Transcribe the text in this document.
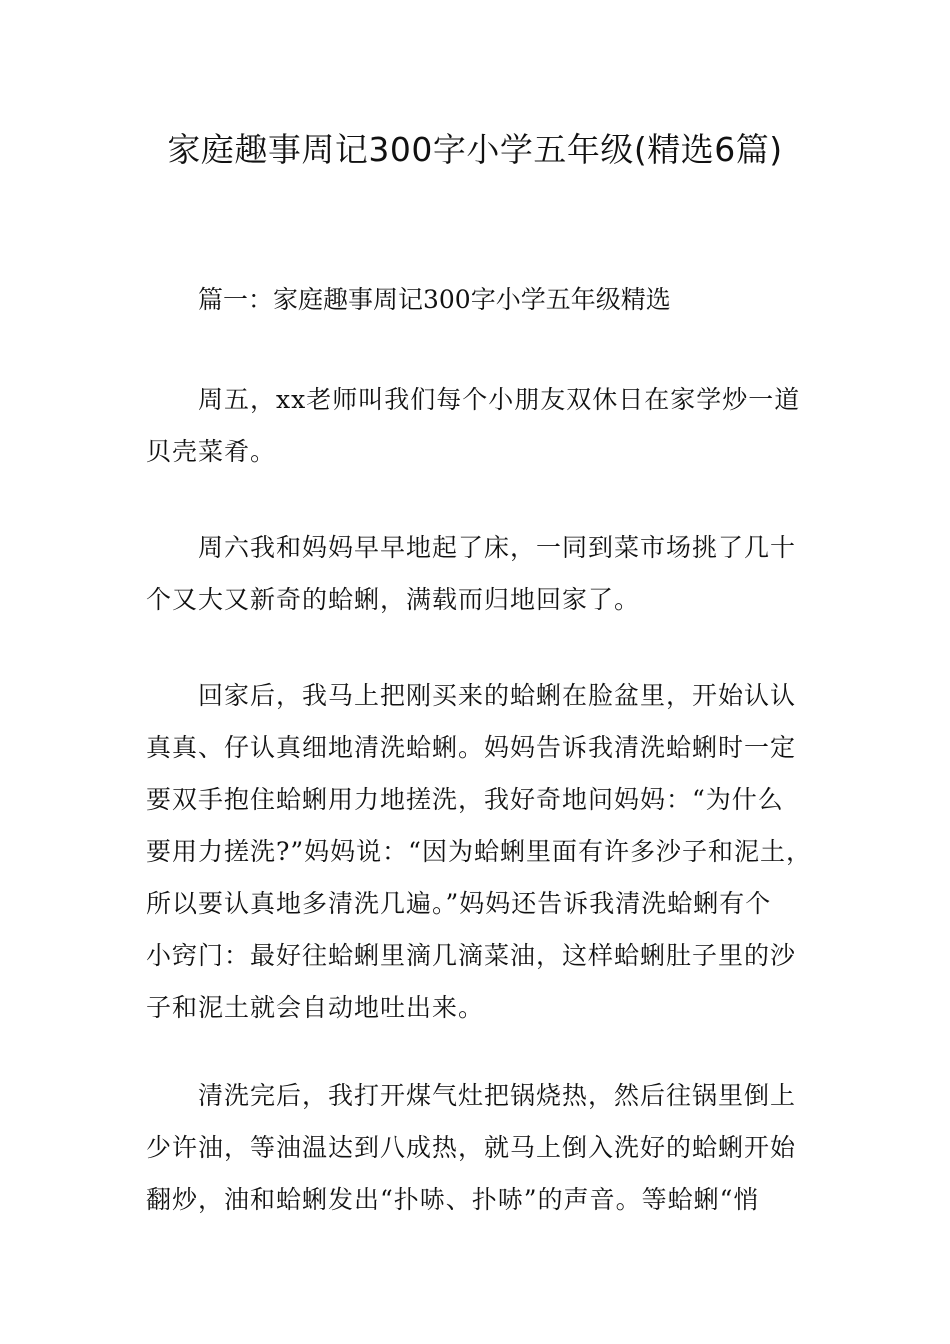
家庭趣事周记300字小学五年级(精选6篇)
篇一：家庭趣事周记300字小学五年级精选

周五，xx老师叫我们每个小朋友双休日在家学炒一道
贝壳菜肴。

周六我和妈妈早早地起了床，一同到菜市场挑了几十
个又大又新奇的蛤蜊，满载而归地回家了。

回家后，我马上把刚买来的蛤蜊在脸盆里，开始认认
真真、仔认真细地清洗蛤蜊。妈妈告诉我清洗蛤蜊时一定
要双手抱住蛤蜊用力地搓洗，我好奇地问妈妈：“为什么
要用力搓洗?”妈妈说：“因为蛤蜊里面有许多沙子和泥土，
所以要认真地多清洗几遍。”妈妈还告诉我清洗蛤蜊有个
小窍门：最好往蛤蜊里滴几滴菜油，这样蛤蜊肚子里的沙
子和泥土就会自动地吐出来。

清洗完后，我打开煤气灶把锅烧热，然后往锅里倒上
少许油，等油温达到八成热，就马上倒入洗好的蛤蜊开始
翻炒，油和蛤蜊发出“扑哧、扑哧”的声音。等蛤蜊“悄
